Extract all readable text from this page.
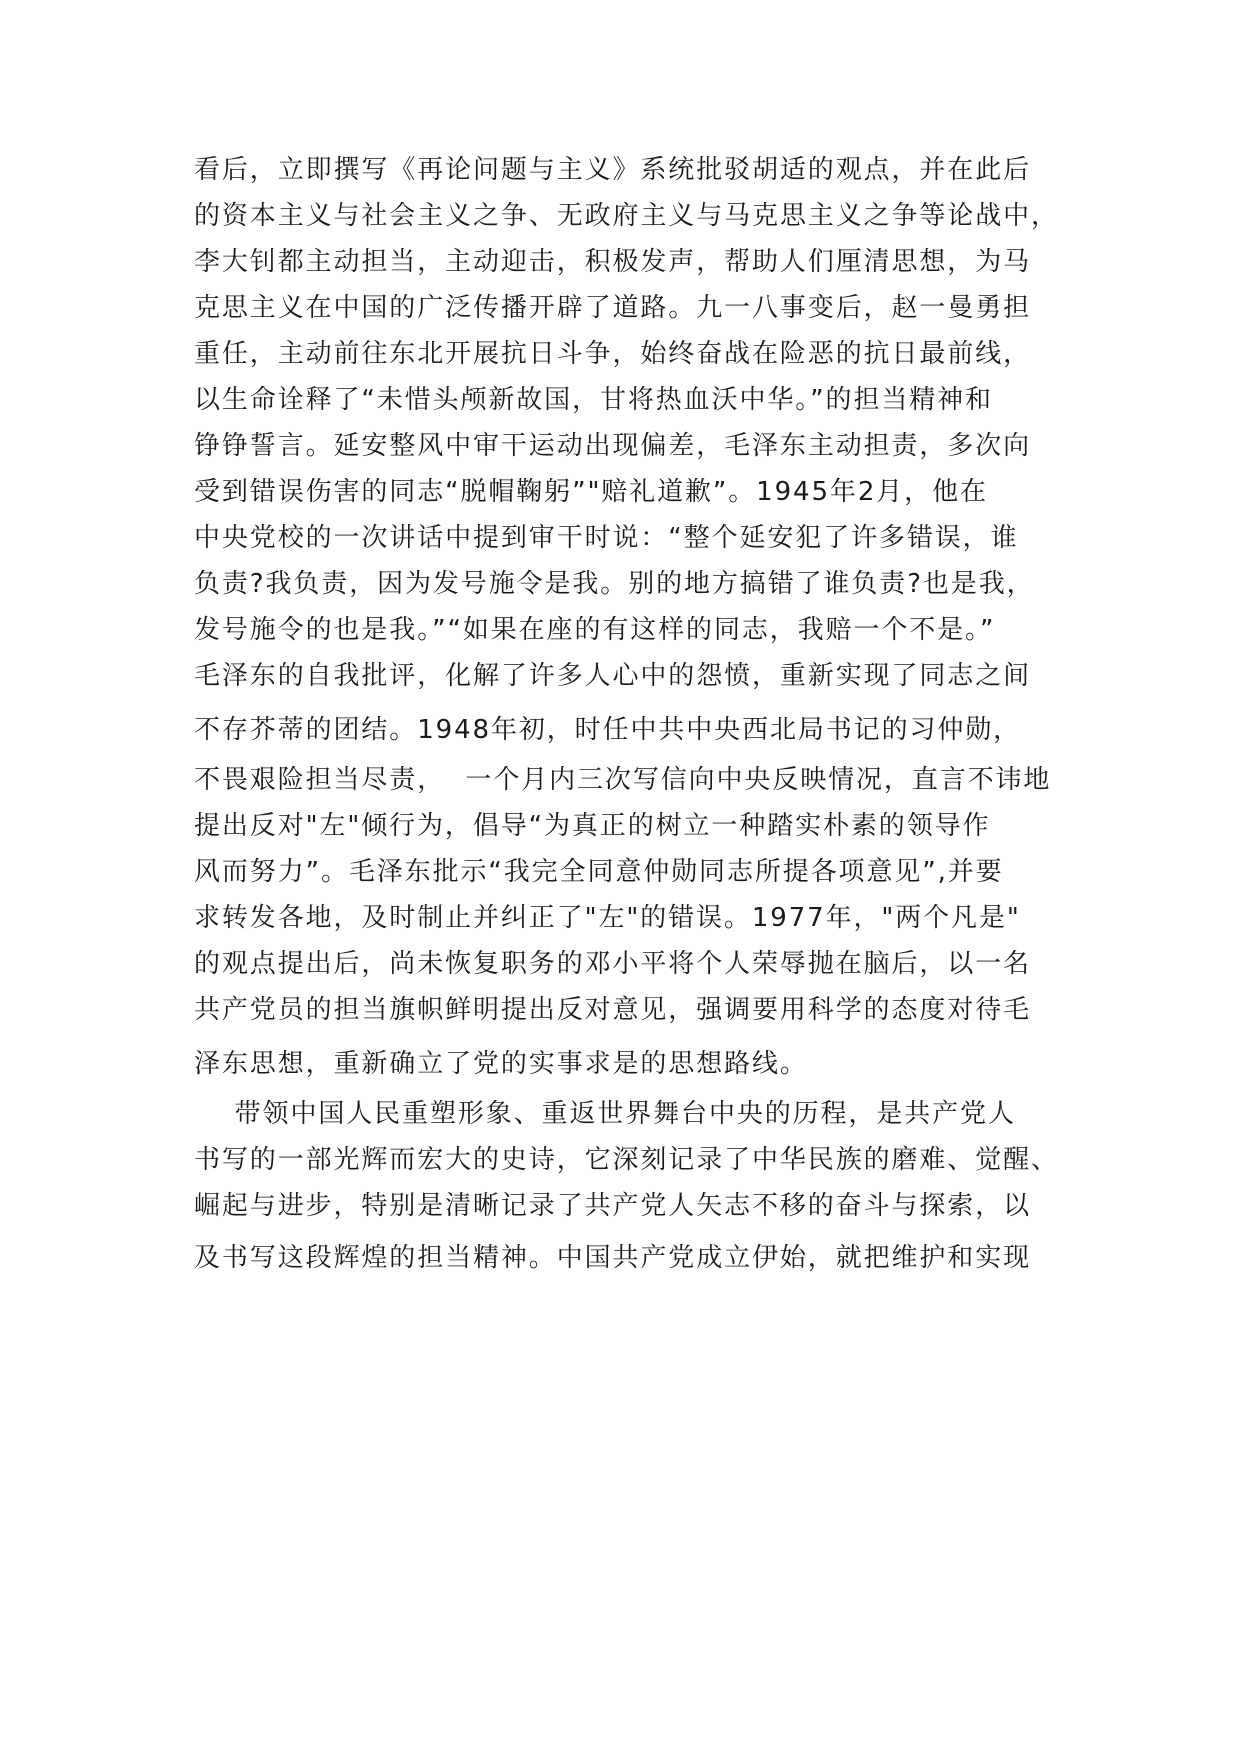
看后，立即撰写《再论问题与主义》系统批驳胡适的观点，并在此后
的资本主义与社会主义之争、无政府主义与马克思主义之争等论战中，
李大钊都主动担当，主动迎击，积极发声，帮助人们厘清思想，为马
克思主义在中国的广泛传播开辟了道路。九一八事变后，赵一曼勇担
重任，主动前往东北开展抗日斗争，始终奋战在险恶的抗日最前线，
以生命诠释了“未惜头颅新故国，甘将热血沃中华。”的担当精神和
铮铮誓言。延安整风中审干运动出现偏差，毛泽东主动担责，多次向
受到错误伤害的同志“脱帽鞠躬”"赔礼道歉”。1945年2月，他在
中央党校的一次讲话中提到审干时说：“整个延安犯了许多错误，谁
负责?我负责，因为发号施令是我。别的地方搞错了谁负责?也是我，
发号施令的也是我。”“如果在座的有这样的同志，我赔一个不是。”
毛泽东的自我批评，化解了许多人心中的怨愤，重新实现了同志之间
不存芥蒂的团结。1948年初，时任中共中央西北局书记的习仲勋，
不畏艰险担当尽责，  一个月内三次写信向中央反映情况，直言不讳地
提出反对"左"倾行为，倡导“为真正的树立一种踏实朴素的领导作
风而努力”。毛泽东批示“我完全同意仲勋同志所提各项意见”,并要
求转发各地，及时制止并纠正了"左"的错误。1977年，"两个凡是"
的观点提出后，尚未恢复职务的邓小平将个人荣辱抛在脑后，以一名
共产党员的担当旗帜鲜明提出反对意见，强调要用科学的态度对待毛
泽东思想，重新确立了党的实事求是的思想路线。
带领中国人民重塑形象、重返世界舞台中央的历程，是共产党人
书写的一部光辉而宏大的史诗，它深刻记录了中华民族的磨难、觉醒、
崛起与进步，特别是清晰记录了共产党人矢志不移的奋斗与探索，以
及书写这段辉煌的担当精神。中国共产党成立伊始，就把维护和实现
